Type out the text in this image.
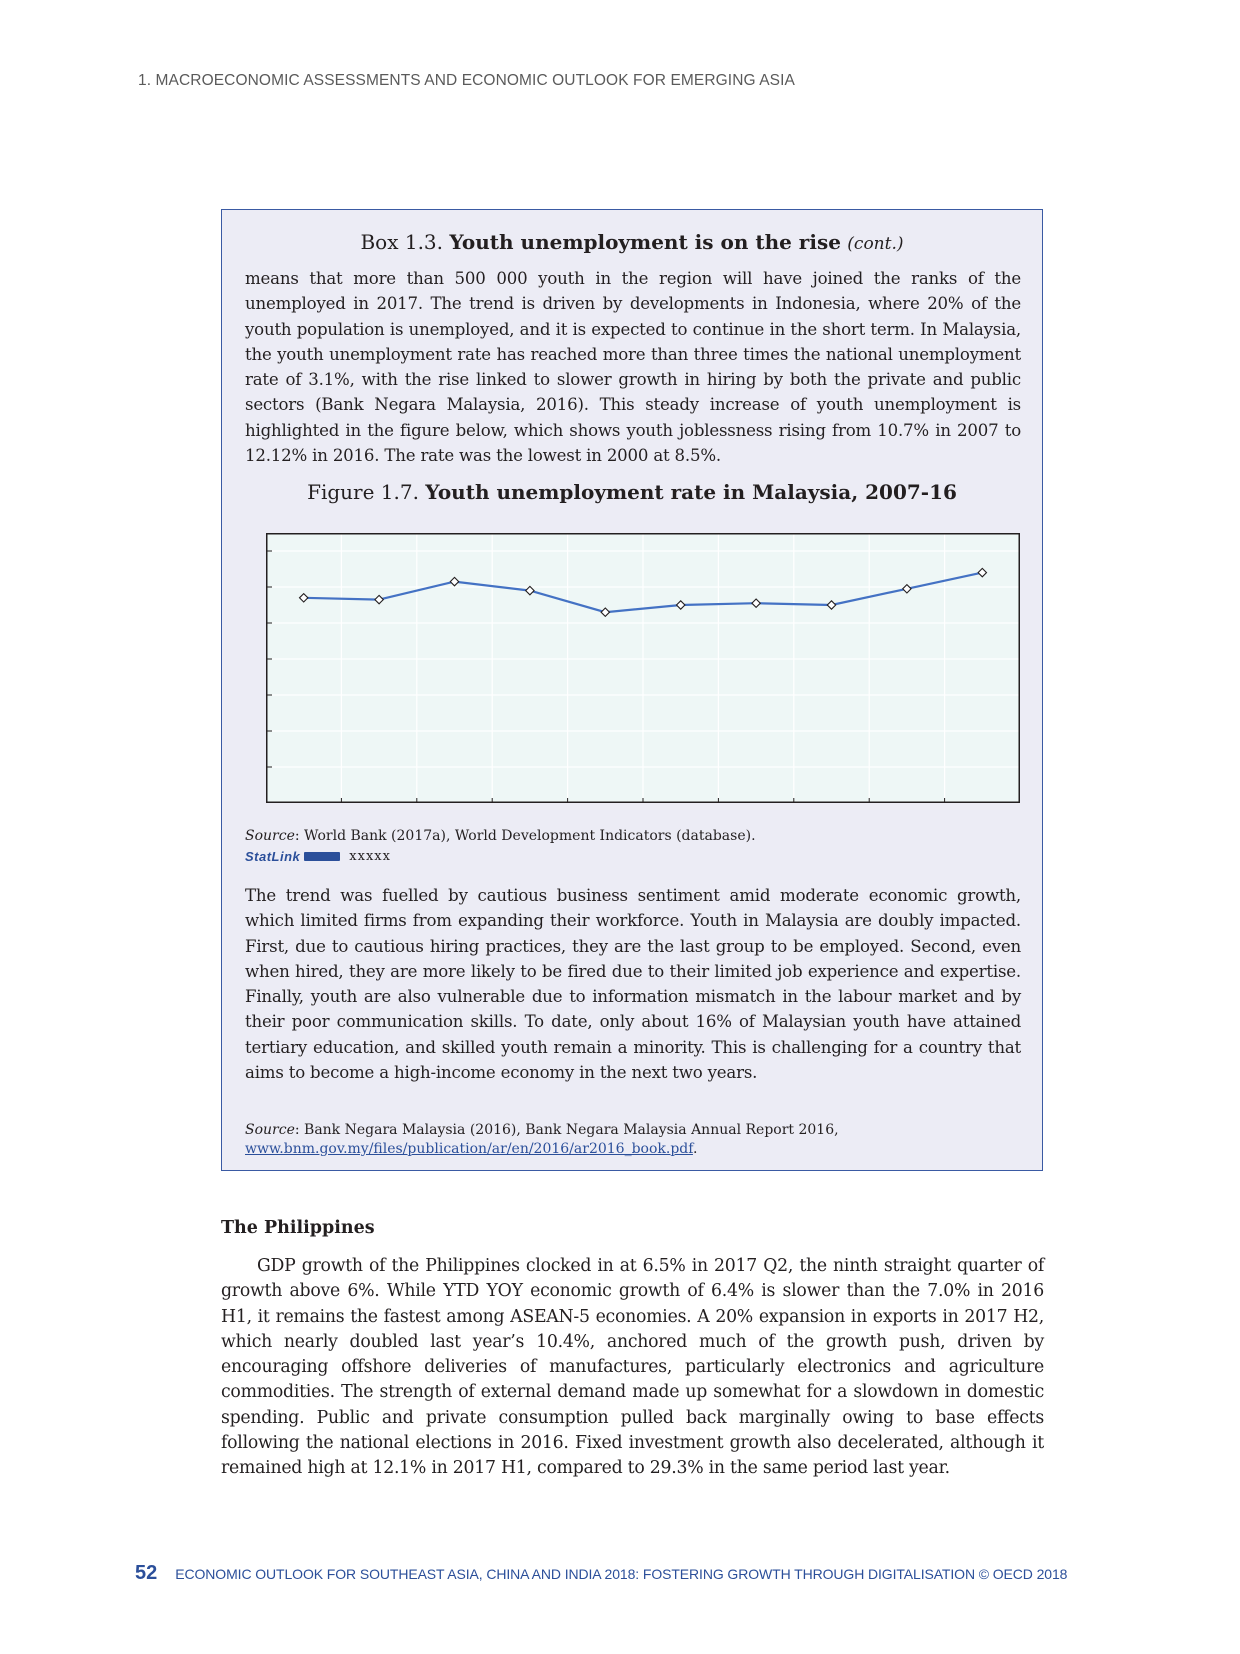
1. MACROECONOMIC ASSESSMENTS AND ECONOMIC OUTLOOK FOR EMERGING ASIA
Box 1.3. Youth unemployment is on the rise (cont.)

means that more than 500 000 youth in the region will have joined the ranks of the unemployed in 2017. The trend is driven by developments in Indonesia, where 20% of the youth population is unemployed, and it is expected to continue in the short term. In Malaysia, the youth unemployment rate has reached more than three times the national unemployment rate of 3.1%, with the rise linked to slower growth in hiring by both the private and public sectors (Bank Negara Malaysia, 2016). This steady increase of youth unemployment is highlighted in the figure below, which shows youth joblessness rising from 10.7% in 2007 to 12.12% in 2016. The rate was the lowest in 2000 at 8.5%.

Figure 1.7. Youth unemployment rate in Malaysia, 2007-16

Source: World Bank (2017a), World Development Indicators (database).

StatLink	xxxxx

The trend was fuelled by cautious business sentiment amid moderate economic growth, which limited firms from expanding their workforce. Youth in Malaysia are doubly impacted. First, due to cautious hiring practices, they are the last group to be employed. Second, even when hired, they are more likely to be fired due to their limited job experience and expertise. Finally, youth are also vulnerable due to information mismatch in the labour market and by their poor communication skills. To date, only about 16% of Malaysian youth have attained tertiary education, and skilled youth remain a minority. This is challenging for a country that aims to become a high-income economy in the next two years.

Source: Bank Negara Malaysia (2016), Bank Negara Malaysia Annual Report 2016, www.bnm.gov.my/files/publication/ar/en/2016/ar2016_book.pdf.

The Philippines

GDP growth of the Philippines clocked in at 6.5% in 2017 Q2, the ninth straight quarter of growth above 6%. While YTD YOY economic growth of 6.4% is slower than the 7.0% in 2016 H1, it remains the fastest among ASEAN-5 economies. A 20% expansion in exports in 2017 H2, which nearly doubled last year’s 10.4%, anchored much of the growth push, driven by encouraging offshore deliveries of manufactures, particularly electronics and agriculture commodities. The strength of external demand made up somewhat for a slowdown in domestic spending. Public and private consumption pulled back marginally owing to base effects following the national elections in 2016. Fixed investment growth also decelerated, although it remained high at 12.1% in 2017 H1, compared to 29.3% in the same period last year.

52 ECONOMIC OUTLOOK FOR SOUTHEAST ASIA, CHINA AND INDIA 2018: FOSTERING GROWTH THROUGH DIGITALISATION © OECD 2018
